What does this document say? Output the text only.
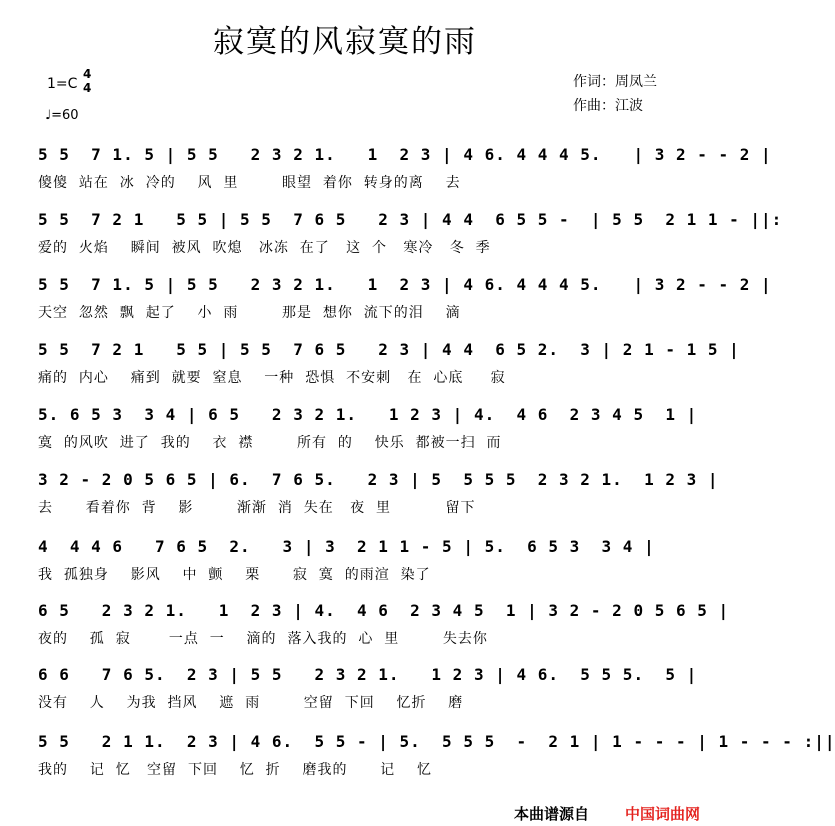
寂寞的风寂寞的雨
1=C
4
4
♩=60
作词：周凤兰
作曲：江波
5 5  7 1. 5 | 5 5   2 3 2 1.   1  2 3 | 4 6. 4 4 4 5.   | 3 2 - - 2 |
傻傻  站在  冰  冷的    风  里        眼望  着你  转身的离    去
5 5  7 2 1   5 5 | 5 5  7 6 5   2 3 | 4 4  6 5 5 -  | 5 5  2 1 1 - ||:
爱的  火焰    瞬间  被风  吹熄   冰冻  在了   这  个   寒冷   冬  季
5 5  7 1. 5 | 5 5   2 3 2 1.   1  2 3 | 4 6. 4 4 4 5.   | 3 2 - - 2 |
天空  忽然  飘  起了    小  雨        那是  想你  流下的泪    滴
5 5  7 2 1   5 5 | 5 5  7 6 5   2 3 | 4 4  6 5 2.  3 | 2 1 - 1 5 |
痛的  内心    痛到  就要  窒息    一种  恐惧  不安刺   在  心底     寂
5. 6 5 3  3 4 | 6 5   2 3 2 1.   1 2 3 | 4.  4 6  2 3 4 5  1 |
寞  的风吹  进了  我的    衣  襟        所有  的    快乐  都被一扫  而
3 2 - 2 0 5 6 5 | 6.  7 6 5.   2 3 | 5  5 5 5  2 3 2 1.  1 2 3 |
去      看着你  背    影        渐渐  消  失在   夜  里          留下
4  4 4 6   7 6 5  2.   3 | 3  2 1 1 - 5 | 5.  6 5 3  3 4 |
我  孤独身    影风    中  颤    栗      寂  寞  的雨渲  染了
6 5   2 3 2 1.   1  2 3 | 4.  4 6  2 3 4 5  1 | 3 2 - 2 0 5 6 5 |
夜的    孤  寂       一点  一    滴的  落入我的  心  里        失去你
6 6   7 6 5.  2 3 | 5 5   2 3 2 1.   1 2 3 | 4 6.  5 5 5.  5 |
没有    人    为我  挡风    遮  雨        空留  下回    忆折    磨
5 5   2 1 1.  2 3 | 4 6.  5 5 - | 5.  5 5 5  -  2 1 | 1 - - - | 1 - - - :||
我的    记  忆   空留  下回    忆  折    磨我的      记    忆
本曲谱源自 中国词曲网
